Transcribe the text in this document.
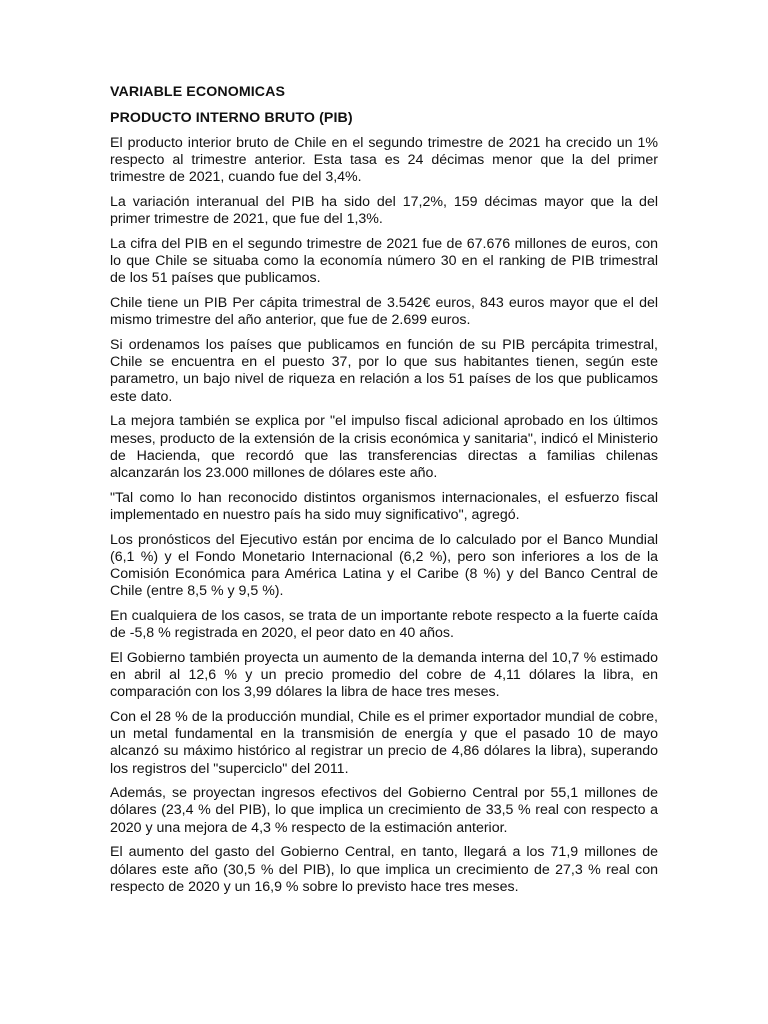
VARIABLE ECONOMICAS
PRODUCTO INTERNO BRUTO (PIB)

El producto interior bruto de Chile en el segundo trimestre de 2021 ha crecido un 1% respecto al trimestre anterior. Esta tasa es 24 décimas menor que la del primer trimestre de 2021, cuando fue del 3,4%.

La variación interanual del PIB ha sido del 17,2%, 159 décimas mayor que la del primer trimestre de 2021, que fue del 1,3%.

La cifra del PIB en el segundo trimestre de 2021 fue de 67.676 millones de euros, con lo que Chile se situaba como la economía número 30 en el ranking de PIB trimestral de los 51 países que publicamos.

Chile tiene un PIB Per cápita trimestral de 3.542€ euros, 843 euros mayor que el del mismo trimestre del año anterior, que fue de 2.699 euros.

Si ordenamos los países que publicamos en función de su PIB percápita trimestral, Chile se encuentra en el puesto 37, por lo que sus habitantes tienen, según este parametro, un bajo nivel de riqueza en relación a los 51 países de los que publicamos este dato.

La mejora también se explica por "el impulso fiscal adicional aprobado en los últimos meses, producto de la extensión de la crisis económica y sanitaria", indicó el Ministerio de Hacienda, que recordó que las transferencias directas a familias chilenas alcanzarán los 23.000 millones de dólares este año.

"Tal como lo han reconocido distintos organismos internacionales, el esfuerzo fiscal implementado en nuestro país ha sido muy significativo", agregó.

Los pronósticos del Ejecutivo están por encima de lo calculado por el Banco Mundial (6,1 %) y el Fondo Monetario Internacional (6,2 %), pero son inferiores a los de la Comisión Económica para América Latina y el Caribe (8 %) y del Banco Central de Chile (entre 8,5 % y 9,5 %).

En cualquiera de los casos, se trata de un importante rebote respecto a la fuerte caída de -5,8 % registrada en 2020, el peor dato en 40 años.

El Gobierno también proyecta un aumento de la demanda interna del 10,7 % estimado en abril al 12,6 % y un precio promedio del cobre de 4,11 dólares la libra, en comparación con los 3,99 dólares la libra de hace tres meses.

Con el 28 % de la producción mundial, Chile es el primer exportador mundial de cobre, un metal fundamental en la transmisión de energía y que el pasado 10 de mayo alcanzó su máximo histórico al registrar un precio de 4,86 dólares la libra), superando los registros del "superciclo" del 2011.

Además, se proyectan ingresos efectivos del Gobierno Central por 55,1 millones de dólares (23,4 % del PIB), lo que implica un crecimiento de 33,5 % real con respecto a 2020 y una mejora de 4,3 % respecto de la estimación anterior.

El aumento del gasto del Gobierno Central, en tanto, llegará a los 71,9 millones de dólares este año (30,5 % del PIB), lo que implica un crecimiento de 27,3 % real con respecto de 2020 y un 16,9 % sobre lo previsto hace tres meses.
